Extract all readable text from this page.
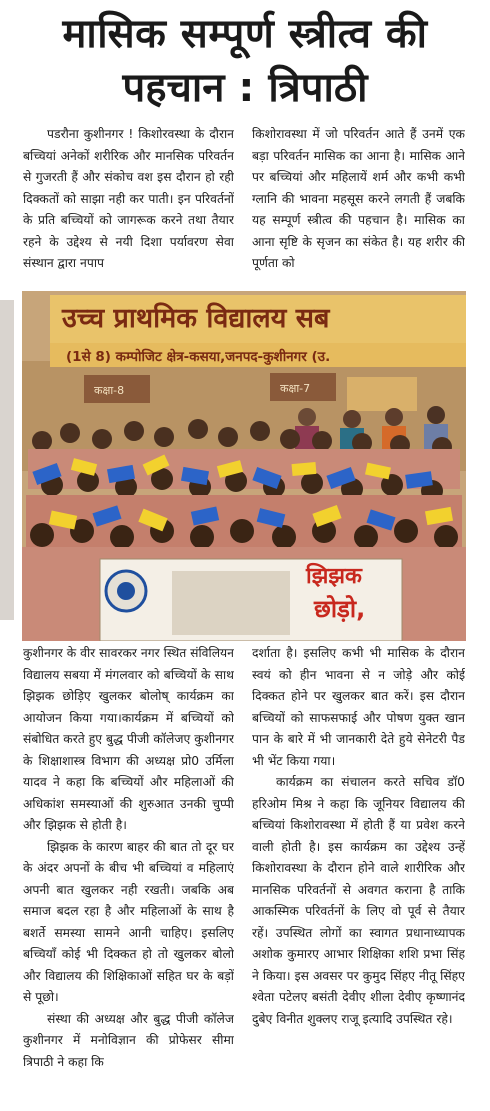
मासिक सम्पूर्ण स्त्रीत्व की
पहचान : त्रिपाठी

पडरौना कुशीनगर ! किशोरवस्था के दौरान बच्चियां अनेकों शरीरिक और मानसिक परिवर्तन से गुजरती हैं और संकोच वश इस दौरान हो रही दिक्कतों को साझा नही कर पाती। इन परिवर्तनों के प्रति बच्चियों को जागरूक करने तथा तैयार रहने के उद्देश्य से नयी दिशा पर्यावरण सेवा संस्थान द्वारा नपाप

किशोरावस्था में जो परिवर्तन आते हैं उनमें एक बड़ा परिवर्तन मासिक का आना है। मासिक आने पर बच्चियां और महिलायें शर्म और कभी कभी ग्लानि की भावना महसूस करने लगती हैं जबकि यह सम्पूर्ण स्त्रीत्व की पहचान है। मासिक का आना सृष्टि के सृजन का संकेत है। यह शरीर की पूर्णता को

उच्च प्राथमिक विद्यालय सब
(1से 8) कम्पोजिट क्षेत्र-कसया,जनपद-कुशीनगर (उ.
कक्षा-8	कक्षा-7
झिझक
छोड़ो,

कुशीनगर के वीर सावरकर नगर स्थित संविलियन विद्यालय सबया में मंगलवार को बच्चियों के साथ झिझक छोड़िए खुलकर बोलोष् कार्यक्रम का आयोजन किया गया।कार्यक्रम में बच्चियों को संबोधित करते हुए बुद्ध पीजी कॉलेजए कुशीनगर के शिक्षाशास्त्र विभाग की अध्यक्ष प्रो0 उर्मिला यादव ने कहा कि बच्चियों और महिलाओं की अधिकांश समस्याओं की शुरुआत उनकी चुप्पी और झिझक से होती है।

झिझक के कारण बाहर की बात तो दूर घर के अंदर अपनों के बीच भी बच्चियां व महिलाएं अपनी बात खुलकर नही रखती। जबकि अब समाज बदल रहा है और महिलाओं के साथ है बशर्ते समस्या सामने आनी चाहिए। इसलिए बच्चियाँ कोई भी दिक्कत हो तो खुलकर बोलो और विद्यालय की शिक्षिकाओं सहित घर के बड़ों से पूछो।

संस्था की अध्यक्ष और बुद्ध पीजी कॉलेज कुशीनगर में मनोविज्ञान की प्रोफेसर सीमा त्रिपाठी ने कहा कि

दर्शाता है। इसलिए कभी भी मासिक के दौरान स्वयं को हीन भावना से न जोड़े और कोई दिक्कत होने पर खुलकर बात करें। इस दौरान बच्चियों को साफसफाई और पोषण युक्त खान पान के बारे में भी जानकारी देते हुये सेनेटरी पैड भी भेंट किया गया।

कार्यक्रम का संचालन करते सचिव डॉ0 हरिओम मिश्र ने कहा कि जूनियर विद्यालय की बच्चियां किशोरावस्था में होती हैं या प्रवेश करने वाली होती है। इस कार्यक्रम का उद्देश्य उन्हें किशोरावस्था के दौरान होने वाले शारीरिक और मानसिक परिवर्तनों से अवगत कराना है ताकि आकस्मिक परिवर्तनों के लिए वो पूर्व से तैयार रहें। उपस्थित लोगों का स्वागत प्रधानाध्यापक अशोक कुमारए आभार शिक्षिका शशि प्रभा सिंह ने किया। इस अवसर पर कुमुद सिंहए नीतू सिंहए श्वेता पटेलए बसंती देवीए शीला देवीए कृष्णानंद दुबेए विनीत शुक्लए राजू इत्यादि उपस्थित रहे।
